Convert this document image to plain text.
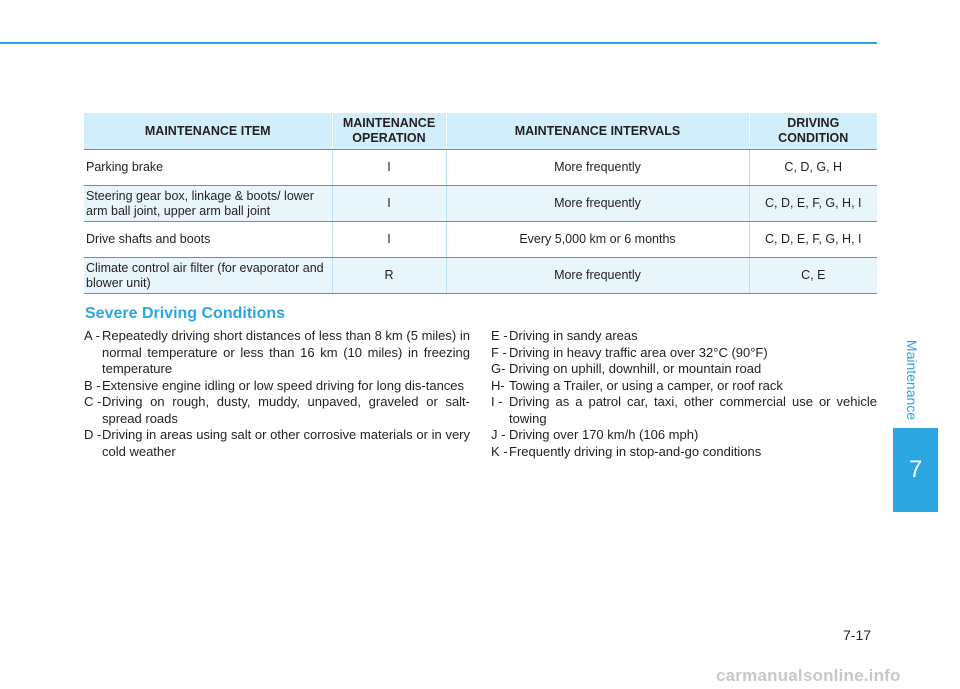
Maintenance
7
MAINTENANCE ITEM	MAINTENANCE OPERATION	MAINTENANCE INTERVALS	DRIVING CONDITION
Parking brake	I	More frequently	C, D, G, H
Steering gear box, linkage & boots/ lower arm ball joint, upper arm ball joint	I	More frequently	C, D, E, F, G, H, I
Drive shafts and boots	I	Every 5,000 km or 6 months	C, D, E, F, G, H, I
Climate control air filter (for evaporator and blower unit)	R	More frequently	C, E
Severe Driving Conditions
A - Repeatedly driving short distances of less than 8 km (5 miles) in normal temperature or less than 16 km (10 miles) in freezing temperature
B - Extensive engine idling or low speed driving for long dis-tances
C - Driving on rough, dusty, muddy, unpaved, graveled or salt-spread roads
D - Driving in areas using salt or other corrosive materials or in very cold weather
E - Driving in sandy areas
F - Driving in heavy traffic area over 32°C (90°F)
G- Driving on uphill, downhill, or mountain road
H- Towing a Trailer, or using a camper, or roof rack
I - Driving as a patrol car, taxi, other commercial use or vehicle towing
J - Driving over 170 km/h (106 mph)
K - Frequently driving in stop-and-go conditions
7-17
carmanualsonline.info
